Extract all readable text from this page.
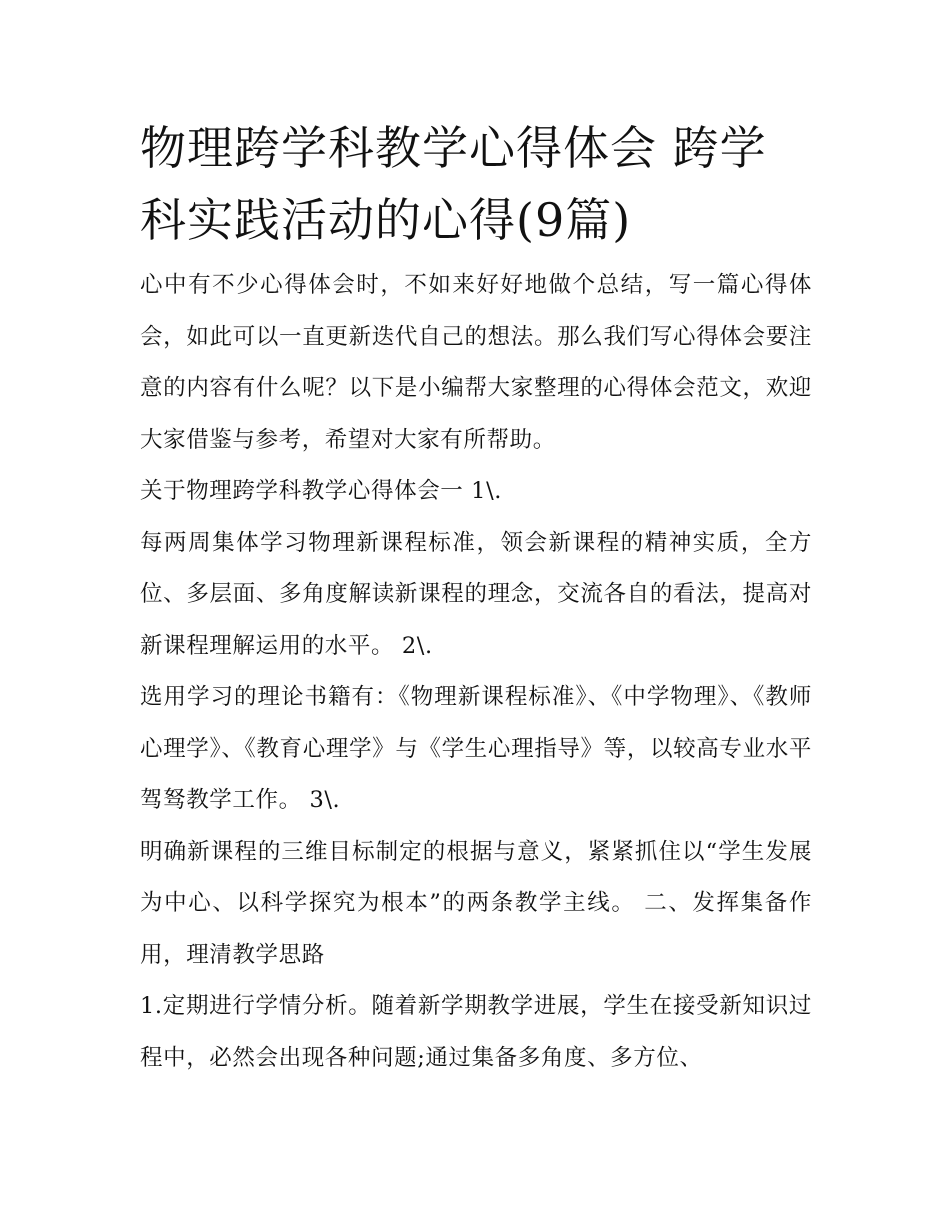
物理跨学科教学心得体会 跨学科实践活动的心得(9篇)

心中有不少心得体会时，不如来好好地做个总结，写一篇心得体会，如此可以一直更新迭代自己的想法。那么我们写心得体会要注意的内容有什么呢？以下是小编帮大家整理的心得体会范文，欢迎大家借鉴与参考，希望对大家有所帮助。

关于物理跨学科教学心得体会一 1\.

每两周集体学习物理新课程标准，领会新课程的精神实质，全方位、多层面、多角度解读新课程的理念，交流各自的看法，提高对新课程理解运用的水平。 2\.

选用学习的理论书籍有：《物理新课程标准》、《中学物理》、《教师心理学》、《教育心理学》与《学生心理指导》等，以较高专业水平驾驽教学工作。 3\.

明确新课程的三维目标制定的根据与意义，紧紧抓住以“学生发展为中心、以科学探究为根本”的两条教学主线。 二、发挥集备作用，理清教学思路

1.定期进行学情分析。随着新学期教学进展，学生在接受新知识过程中，必然会出现各种问题;通过集备多角度、多方位、
